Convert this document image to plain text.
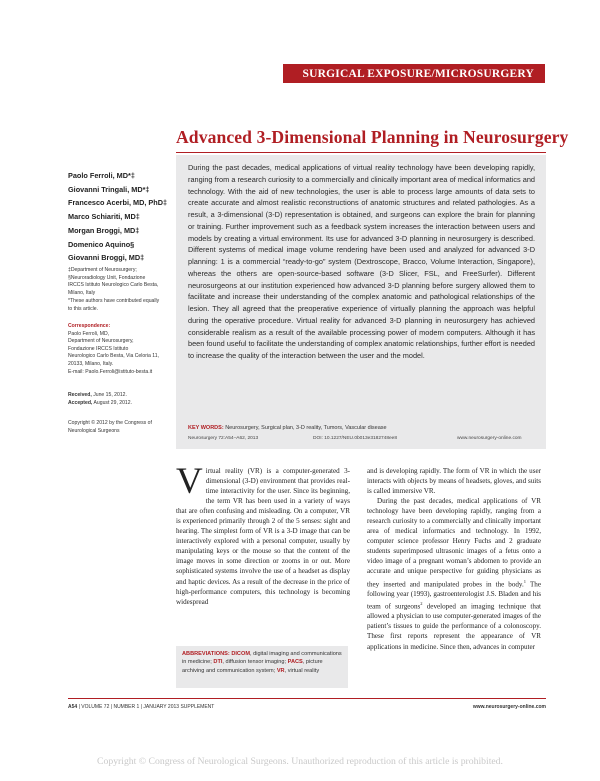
SURGICAL EXPOSURE/MICROSURGERY
Advanced 3-Dimensional Planning in Neurosurgery
Paolo Ferroli, MD*‡
Giovanni Tringali, MD*‡
Francesco Acerbi, MD, PhD‡
Marco Schiariti, MD‡
Morgan Broggi, MD‡
Domenico Aquino§
Giovanni Broggi, MD‡
‡Department of Neurosurgery; §Neuroradiology Unit, Fondazione IRCCS Istituto Neurologico Carlo Besta, Milano, Italy
*These authors have contributed equally to this article.
Correspondence:
Paolo Ferroli, MD,
Department of Neurosurgery,
Fondazione IRCCS Istituto
Neurologico Carlo Besta, Via Celoria 11,
20133, Milano, Italy.
E-mail: Paolo.Ferroli@istituto-besta.it
Received, June 15, 2012.
Accepted, August 29, 2012.
Copyright © 2012 by the Congress of Neurological Surgeons

During the past decades, medical applications of virtual reality technology have been developing rapidly, ranging from a research curiosity to a commercially and clinically important area of medical informatics and technology. With the aid of new technologies, the user is able to process large amounts of data sets to create accurate and almost realistic reconstructions of anatomic structures and related pathologies. As a result, a 3-dimensional (3-D) representation is obtained, and surgeons can explore the brain for planning or training. Further improvement such as a feedback system increases the interaction between users and models by creating a virtual environment. Its use for advanced 3-D planning in neurosurgery is described. Different systems of medical image volume rendering have been used and analyzed for advanced 3-D planning: 1 is a commercial “ready-to-go” system (Dextroscope, Bracco, Volume Interaction, Singapore), whereas the others are open-source-based software (3-D Slicer, FSL, and FreeSurfer). Different neurosurgeons at our institution experienced how advanced 3-D planning before surgery allowed them to facilitate and increase their understanding of the complex anatomic and pathological relationships of the lesion. They all agreed that the preoperative experience of virtually planning the approach was helpful during the operative procedure. Virtual reality for advanced 3-D planning in neurosurgery has achieved considerable realism as a result of the available processing power of modern computers. Although it has been found useful to facilitate the understanding of complex anatomic relationships, further effort is needed to increase the quality of the interaction between the user and the model.

KEY WORDS: Neurosurgery, Surgical plan, 3-D reality, Tumors, Vascular disease
Neurosurgery 72:A54–A62, 2013	DOI: 10.1227/NEU.0b013e3182748ee8	www.neurosurgery-online.com

Virtual reality (VR) is a computer-generated 3-dimensional (3-D) environment that provides real-time interactivity for the user. Since its beginning, the term VR has been used in a variety of ways that are often confusing and misleading. On a computer, VR is experienced primarily through 2 of the 5 senses: sight and hearing. The simplest form of VR is a 3-D image that can be interactively explored with a personal computer, usually by manipulating keys or the mouse so that the content of the image moves in some direction or zooms in or out. More sophisticated systems involve the use of a headset as display and haptic devices. As a result of the decrease in the price of high-performance computers, this technology is becoming widespread

ABBREVIATIONS: DICOM, digital imaging and communications in medicine; DTI, diffusion tensor imaging; PACS, picture archiving and communication system; VR, virtual reality

and is developing rapidly. The form of VR in which the user interacts with objects by means of headsets, gloves, and suits is called immersive VR.

During the past decades, medical applications of VR technology have been developing rapidly, ranging from a research curiosity to a commercially and clinically important area of medical informatics and technology. In 1992, computer science professor Henry Fuchs and 2 graduate students superimposed ultrasonic images of a fetus onto a video image of a pregnant woman’s abdomen to provide an accurate and unique perspective for guiding physicians as they inserted and manipulated probes in the body.$^1$ The following year (1993), gastroenterologist J.S. Bladen and his team of surgeons$^2$ developed an imaging technique that allowed a physician to use computer-generated images of the patient’s tissues to guide the performance of a colonoscopy. These first reports represent the appearance of VR applications in medicine. Since then, advances in computer

A54 | VOLUME 72 | NUMBER 1 | JANUARY 2013 SUPPLEMENT	www.neurosurgery-online.com
Copyright © Congress of Neurological Surgeons. Unauthorized reproduction of this article is prohibited.
